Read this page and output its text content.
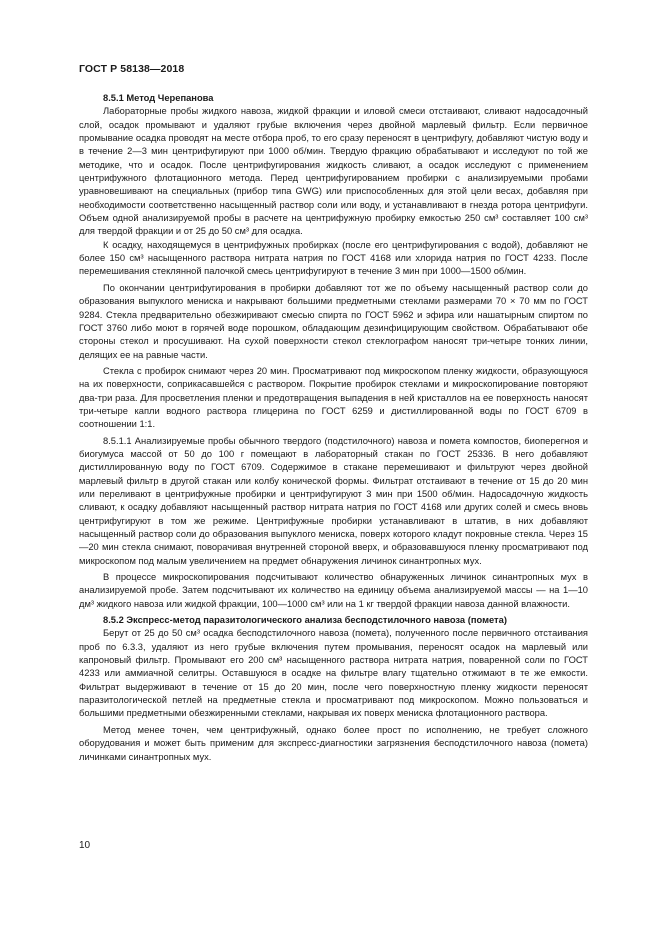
ГОСТ Р 58138—2018
8.5.1 Метод Черепанова

Лабораторные пробы жидкого навоза, жидкой фракции и иловой смеси отстаивают, сливают надосадочный слой, осадок промывают и удаляют грубые включения через двойной марлевый фильтр. Если первичное промывание осадка проводят на месте отбора проб, то его сразу переносят в центрифугу, добавляют чистую воду и в течение 2—3 мин центрифугируют при 1000 об/мин. Твердую фракцию обрабатывают и исследуют по той же методике, что и осадок. После центрифугирования жидкость сливают, а осадок исследуют с применением центрифужного флотационного метода. Перед центрифугированием пробирки с анализируемыми пробами уравновешивают на специальных (прибор типа GWG) или приспособленных для этой цели весах, добавляя при необходимости соответственно насыщенный раствор соли или воду, и устанавливают в гнезда ротора центрифуги. Объем одной анализируемой пробы в расчете на центрифужную пробирку емкостью 250 см³ составляет 100 см³ для твердой фракции и от 25 до 50 см³ для осадка.

К осадку, находящемуся в центрифужных пробирках (после его центрифугирования с водой), добавляют не более 150 см³ насыщенного раствора нитрата натрия по ГОСТ 4168 или хлорида натрия по ГОСТ 4233. После перемешивания стеклянной палочкой смесь центрифугируют в течение 3 мин при 1000—1500 об/мин.

По окончании центрифугирования в пробирки добавляют тот же по объему насыщенный раствор соли до образования выпуклого мениска и накрывают большими предметными стеклами размерами 70 × 70 мм по ГОСТ 9284. Стекла предварительно обезжиривают смесью спирта по ГОСТ 5962 и эфира или нашатырным спиртом по ГОСТ 3760 либо моют в горячей воде порошком, обладающим дезинфицирующим свойством. Обрабатывают обе стороны стекол и просушивают. На сухой поверхности стекол стеклографом наносят три-четыре тонких линии, делящих ее на равные части.

Стекла с пробирок снимают через 20 мин. Просматривают под микроскопом пленку жидкости, образующуюся на их поверхности, соприкасавшейся с раствором. Покрытие пробирок стеклами и микроскопирование повторяют два-три раза. Для просветления пленки и предотвращения выпадения в ней кристаллов на ее поверхность наносят три-четыре капли водного раствора глицерина по ГОСТ 6259 и дистиллированной воды по ГОСТ 6709 в соотношении 1:1.

8.5.1.1 Анализируемые пробы обычного твердого (подстилочного) навоза и помета компостов, биоперегноя и биогумуса массой от 50 до 100 г помещают в лабораторный стакан по ГОСТ 25336. В него добавляют дистиллированную воду по ГОСТ 6709. Содержимое в стакане перемешивают и фильтруют через двойной марлевый фильтр в другой стакан или колбу конической формы. Фильтрат отстаивают в течение от 15 до 20 мин или переливают в центрифужные пробирки и центрифугируют 3 мин при 1500 об/мин. Надосадочную жидкость сливают, к осадку добавляют насыщенный раствор нитрата натрия по ГОСТ 4168 или других солей и смесь вновь центрифугируют в том же режиме. Центрифужные пробирки устанавливают в штатив, в них добавляют насыщенный раствор соли до образования выпуклого мениска, поверх которого кладут покровные стекла. Через 15—20 мин стекла снимают, поворачивая внутренней стороной вверх, и образовавшуюся пленку просматривают под микроскопом под малым увеличением на предмет обнаружения личинок синантропных мух.

В процессе микроскопирования подсчитывают количество обнаруженных личинок синантропных мух в анализируемой пробе. Затем подсчитывают их количество на единицу объема анализируемой массы — на 1—10 дм³ жидкого навоза или жидкой фракции, 100—1000 см³ или на 1 кг твердой фракции навоза данной влажности.

8.5.2 Экспресс-метод паразитологического анализа бесподстилочного навоза (помета)

Берут от 25 до 50 см³ осадка бесподстилочного навоза (помета), полученного после первичного отстаивания проб по 6.3.3, удаляют из него грубые включения путем промывания, переносят осадок на марлевый или капроновый фильтр. Промывают его 200 см³ насыщенного раствора нитрата натрия, поваренной соли по ГОСТ 4233 или аммиачной селитры. Оставшуюся в осадке на фильтре влагу тщательно отжимают в те же емкости. Фильтрат выдерживают в течение от 15 до 20 мин, после чего поверхностную пленку жидкости переносят паразитологической петлей на предметные стекла и просматривают под микроскопом. Можно пользоваться и большими предметными обезжиренными стеклами, накрывая их поверх мениска флотационного раствора.

Метод менее точен, чем центрифужный, однако более прост по исполнению, не требует сложного оборудования и может быть применим для экспресс-диагностики загрязнения бесподстилочного навоза (помета) личинками синантропных мух.

10
